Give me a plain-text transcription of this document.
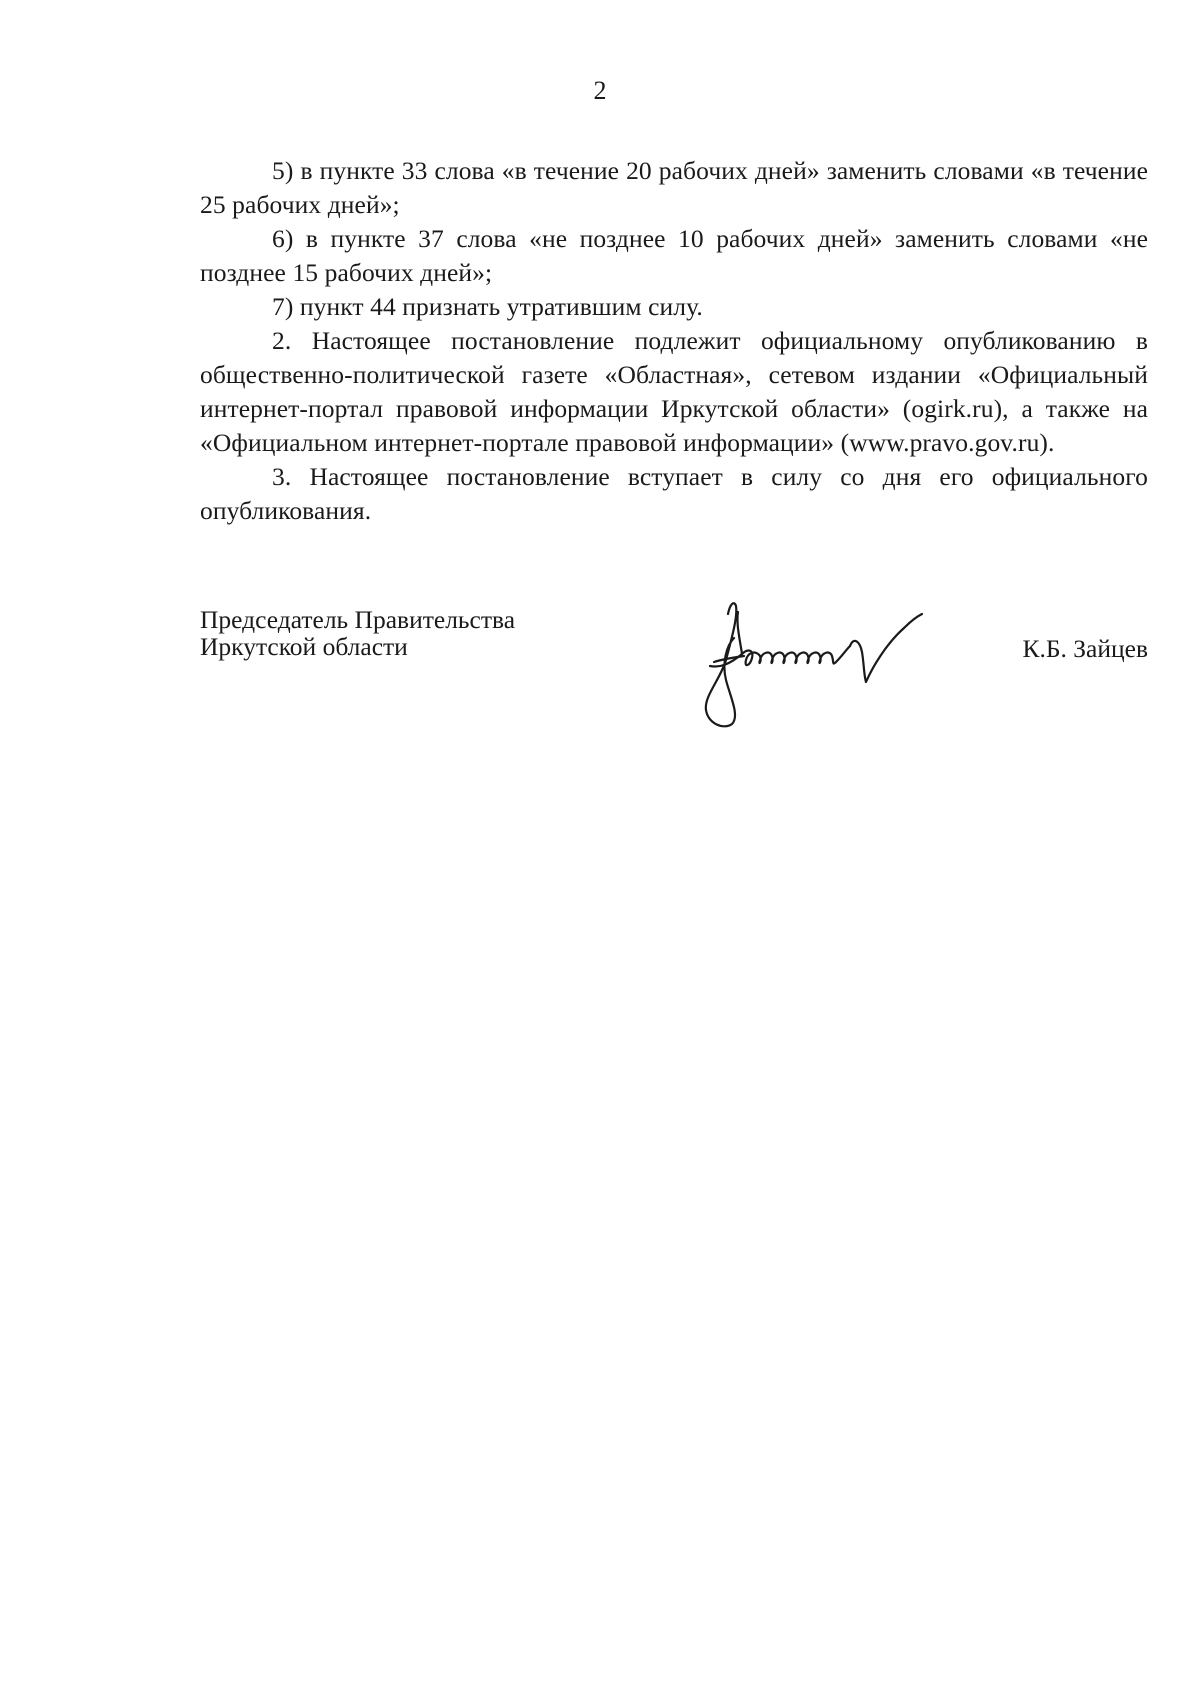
2

5) в пункте 33 слова «в течение 20 рабочих дней» заменить словами «в течение 25 рабочих дней»;

6) в пункте 37 слова «не позднее 10 рабочих дней» заменить словами «не позднее 15 рабочих дней»;

7) пункт 44 признать утратившим силу.

2. Настоящее постановление подлежит официальному опубликованию в общественно-политической газете «Областная», сетевом издании «Официальный интернет-портал правовой информации Иркутской области» (ogirk.ru), а также на «Официальном интернет-портале правовой информации» (www.pravo.gov.ru).

3. Настоящее постановление вступает в силу со дня его официального опубликования.

Председатель Правительства
Иркутской области	К.Б. Зайцев
